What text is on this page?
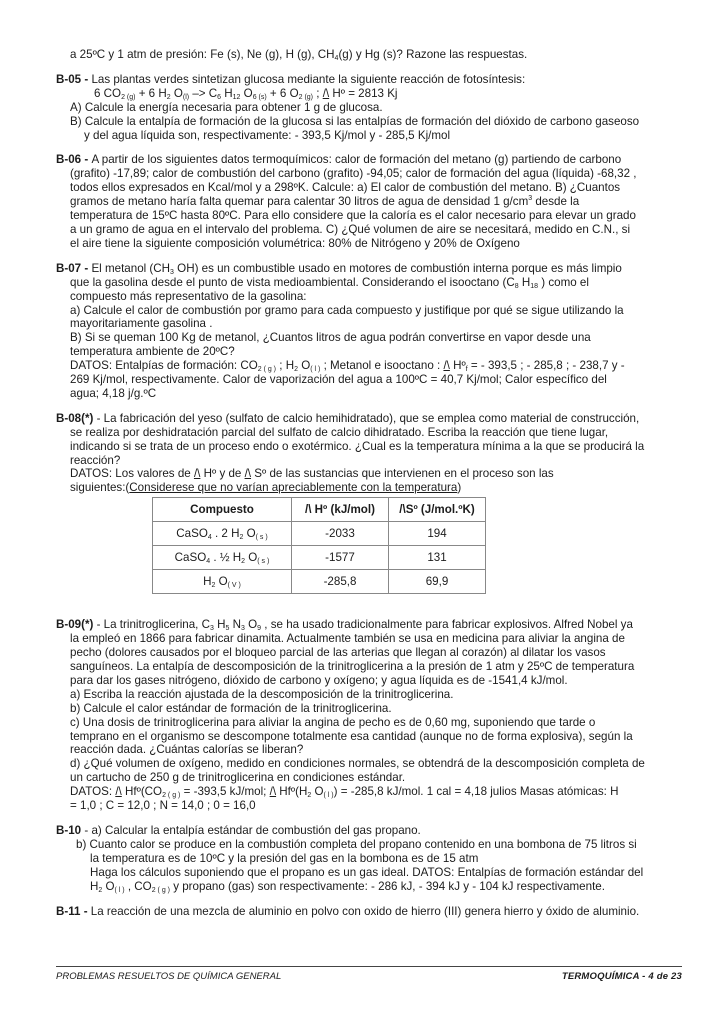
a 25ºC y 1 atm de presión: Fe (s), Ne (g), H (g), $CH_4(g)$ y Hg (s)? Razone las respuestas.
B-05 - Las plantas verdes sintetizan glucosa mediante la siguiente reacción de fotosíntesis:
6 $CO_{2 (g)} + 6$ $H_2$ $O_{(l)} -> C_6$ $H_{12}$ $O_{6 (s)} + 6$ $O_{2 (g)}$ ; /\ Hº = 2813 Kj
A) Calcule la energía necesaria para obtener 1 g de glucosa.
B) Calcule la entalpía de formación de la glucosa si las entalpías de formación del dióxido de carbono gaseoso
y del agua líquida son, respectivamente: - 393,5 Kj/mol y - 285,5 Kj/mol
B-06 - A partir de los siguientes datos termoquímicos: calor de formación del metano (g) partiendo de carbono
(grafito) -17,89; calor de combustión del carbono (grafito) -94,05; calor de formación del agua (líquida) -68,32 ,
todos ellos expresados en Kcal/mol y a 298ºK. Calcule: a) El calor de combustión del metano. B) ¿Cuantos
gramos de metano haría falta quemar para calentar 30 litros de agua de densidad 1 $g/cm^3$ desde la
temperatura de 15ºC hasta 80ºC. Para ello considere que la caloría es el calor necesario para elevar un grado
a un gramo de agua en el intervalo del problema. C) ¿Qué volumen de aire se necesitará, medido en C.N., si
el aire tiene la siguiente composición volumétrica: 80% de Nitrógeno y 20% de Oxígeno
B-07 - El metanol ($CH_3$ OH) es un combustible usado en motores de combustión interna porque es más limpio
que la gasolina desde el punto de vista medioambiental. Considerando el isooctano ($C_8$ $H_{18}$ ) como el
compuesto más representativo de la gasolina:
a) Calcule el calor de combustión por gramo para cada compuesto y justifique por qué se sigue utilizando la
mayoritariamente gasolina .
B) Si se queman 100 Kg de metanol, ¿Cuantos litros de agua podrán convertirse en vapor desde una
temperatura ambiente de 20ºC?
DATOS: Entalpías de formación: $CO_{2 ( g )}$ ; $H_2$ $O_{( l )}$ ; Metanol e isooctano : /\ Hº$_f$ = - 393,5 ; - 285,8 ; - 238,7 y -
269 Kj/mol, respectivamente. Calor de vaporización del agua a 100ºC = 40,7 Kj/mol; Calor específico del
agua; 4,18 j/g.ºC
B-08(*) - La fabricación del yeso (sulfato de calcio hemihidratado), que se emplea como material de construcción,
se realiza por deshidratación parcial del sulfato de calcio dihidratado. Escriba la reacción que tiene lugar,
indicando si se trata de un proceso endo o exotérmico. ¿Cual es la temperatura mínima a la que se producirá la
reacción?
DATOS: Los valores de /\ Hº y de /\ Sº de las sustancias que intervienen en el proceso son las
siguientes:(Considerese que no varían apreciablemente con la temperatura)
Compuesto	/\ Hº (kJ/mol)	/\Sº (J/mol.ºK)
CaSO$_4$ . 2 $H_2$ $O_{( s )}$	-2033	194
CaSO$_4$ . ½ $H_2$ $O_{( s )}$	-1577	131
$H_2$ $O_{( V )}$	-285,8	69,9
B-09(*) - La trinitroglicerina, $C_3$ $H_5$ $N_3$ $O_9$ , se ha usado tradicionalmente para fabricar explosivos. Alfred Nobel ya
la empleó en 1866 para fabricar dinamita. Actualmente también se usa en medicina para aliviar la angina de
pecho (dolores causados por el bloqueo parcial de las arterias que llegan al corazón) al dilatar los vasos
sanguíneos. La entalpía de descomposición de la trinitroglicerina a la presión de 1 atm y 25ºC de temperatura
para dar los gases nitrógeno, dióxido de carbono y oxígeno; y agua líquida es de -1541,4 kJ/mol.
a) Escriba la reacción ajustada de la descomposición de la trinitroglicerina.
b) Calcule el calor estándar de formación de la trinitroglicerina.
c) Una dosis de trinitroglicerina para aliviar la angina de pecho es de 0,60 mg, suponiendo que tarde o
temprano en el organismo se descompone totalmente esa cantidad (aunque no de forma explosiva), según la
reacción dada. ¿Cuántas calorías se liberan?
d) ¿Qué volumen de oxígeno, medido en condiciones normales, se obtendrá de la descomposición completa de
un cartucho de 250 g de trinitroglicerina en condiciones estándar.
DATOS: /\ $Hfº(CO_{2 ( g )} = -393,5$ kJ/mol; /\ $Hfº(H_2$ $O_{( l )}) = -285,8$ kJ/mol. 1 cal = 4,18 julios Masas atómicas: H
= 1,0 ; C = 12,0 ; N = 14,0 ; 0 = 16,0
B-10 - a) Calcular la entalpía estándar de combustión del gas propano.
b) Cuanto calor se produce en la combustión completa del propano contenido en una bombona de 75 litros si
la temperatura es de 10ºC y la presión del gas en la bombona es de 15 atm
Haga los cálculos suponiendo que el propano es un gas ideal. DATOS: Entalpías de formación estándar del
$H_2$ $O_{( l )}$ , $CO_{2 ( g )}$ y propano (gas) son respectivamente: - 286 kJ, - 394 kJ y - 104 kJ respectivamente.
B-11 - La reacción de una mezcla de aluminio en polvo con oxido de hierro (III) genera hierro y óxido de aluminio.
PROBLEMAS RESUELTOS DE QUÍMICA GENERAL	TERMOQUÍMICA - 4 de 23
